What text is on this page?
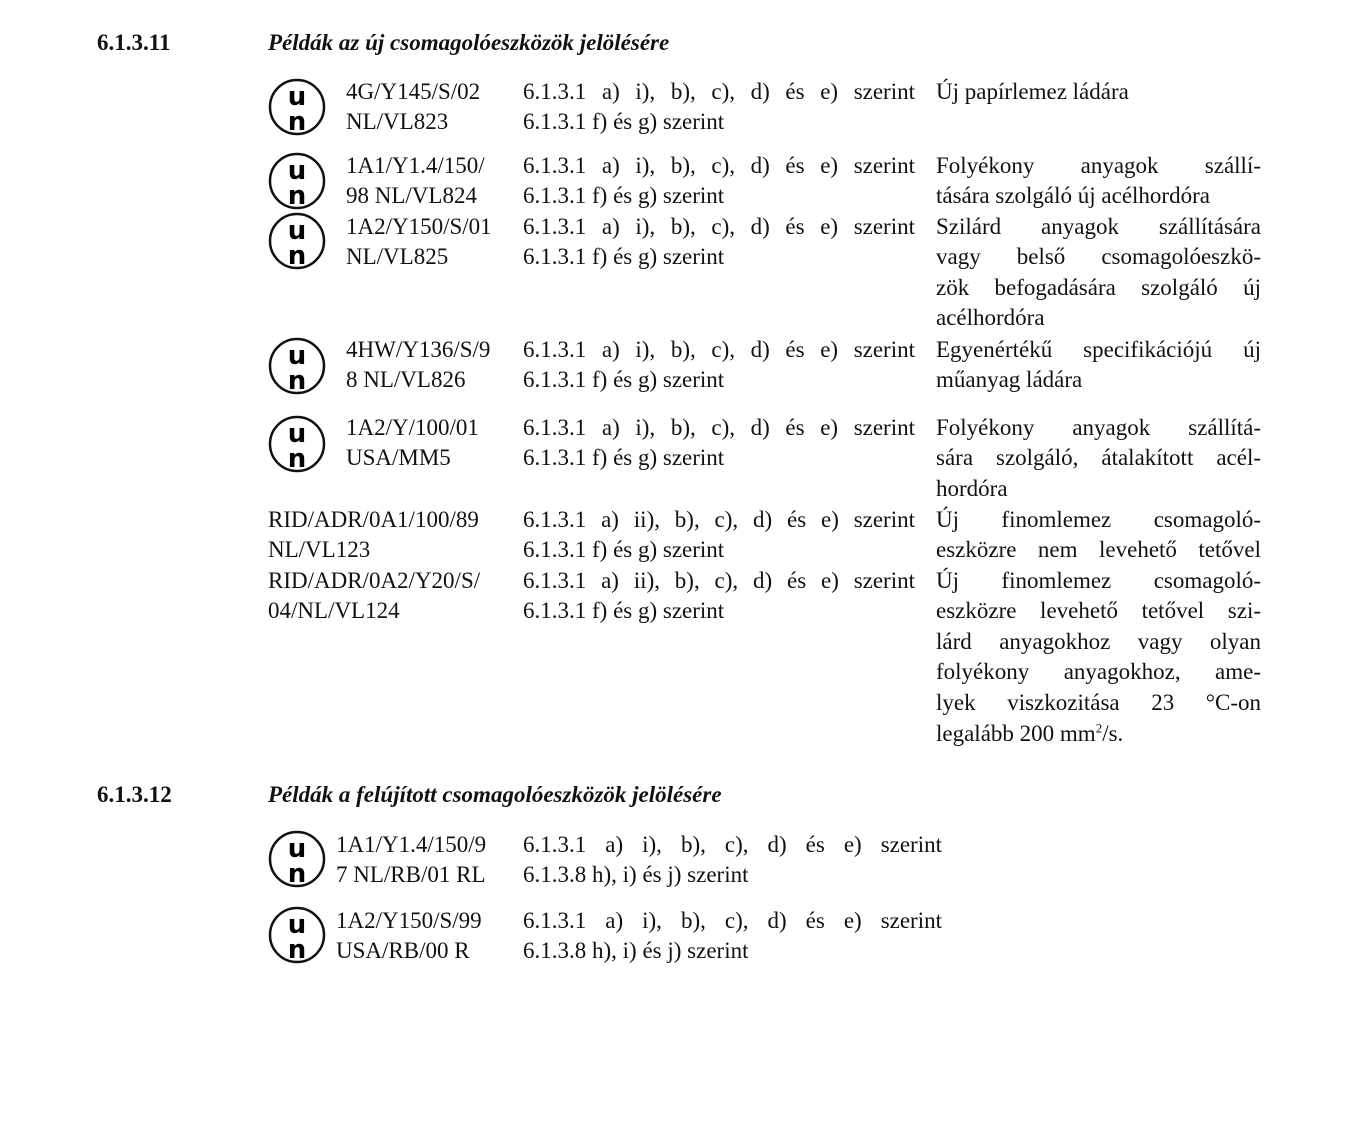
6.1.3.11	Példák az új csomagolóeszközök jelölésére
u
n
u
n
u
n
u
n
u
n
4G/Y145/S/02
NL/VL823
6.1.3.1 a) i), b), c), d) és e) szerint
6.1.3.1 f) és g) szerint
Új papírlemez ládára
1A1/Y1.4/150/
98 NL/VL824
6.1.3.1 a) i), b), c), d) és e) szerint
6.1.3.1 f) és g) szerint
Folyékony anyagok szállí-
tására szolgáló új acélhordóra
1A2/Y150/S/01
NL/VL825
6.1.3.1 a) i), b), c), d) és e) szerint
6.1.3.1 f) és g) szerint
Szilárd anyagok szállítására
vagy belső csomagolóeszkö-
zök befogadására szolgáló új
acélhordóra
4HW/Y136/S/9
8 NL/VL826
6.1.3.1 a) i), b), c), d) és e) szerint
6.1.3.1 f) és g) szerint
Egyenértékű specifikációjú új
műanyag ládára
1A2/Y/100/01
USA/MM5
6.1.3.1 a) i), b), c), d) és e) szerint
6.1.3.1 f) és g) szerint
Folyékony anyagok szállítá-
sára szolgáló, átalakított acél-
hordóra
RID/ADR/0A1/100/89
NL/VL123
6.1.3.1 a) ii), b), c), d) és e) szerint
6.1.3.1 f) és g) szerint
Új finomlemez csomagoló-
eszközre nem levehető tetővel
RID/ADR/0A2/Y20/S/
04/NL/VL124
6.1.3.1 a) ii), b), c), d) és e) szerint
6.1.3.1 f) és g) szerint
Új finomlemez csomagoló-
eszközre levehető tetővel szi-
lárd anyagokhoz vagy olyan
folyékony anyagokhoz, ame-
lyek viszkozitása 23 °C-on
legalább 200 $mm^2/s$.
6.1.3.12	Példák a felújított csomagolóeszközök jelölésére
u
n
u
n
1A1/Y1.4/150/9
7 NL/RB/01 RL
6.1.3.1 a) i), b), c), d) és e) szerint
6.1.3.8 h), i) és j) szerint
1A2/Y150/S/99
USA/RB/00 R
6.1.3.1 a) i), b), c), d) és e) szerint
6.1.3.8 h), i) és j) szerint
